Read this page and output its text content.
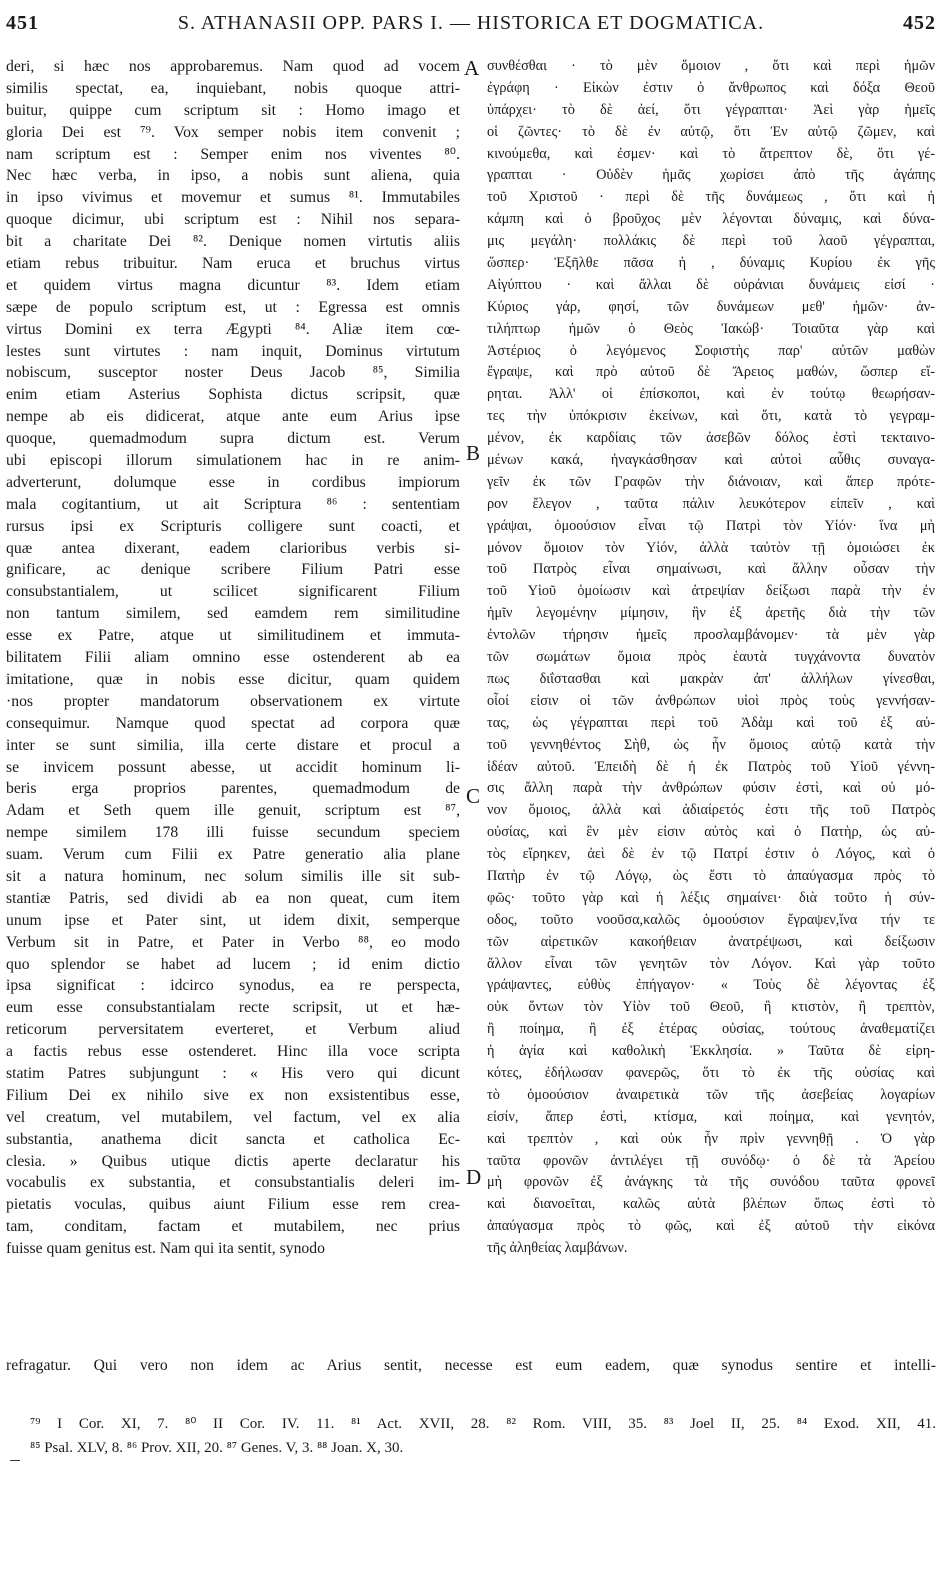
451	S. ATHANASII OPP. PARS I. — HISTORICA ET DOGMATICA.	452
deri, si hæc nos approbaremus. Nam quod ad vocem
similis spectat, ea, inquiebant, nobis quoque attri-
buitur, quippe cum scriptum sit : Homo imago et
gloria Dei est ⁷⁹. Vox semper nobis item convenit ;
nam scriptum est : Semper enim nos viventes ⁸⁰.
Nec hæc verba, in ipso, a nobis sunt aliena, quia
in ipso vivimus et movemur et sumus ⁸¹. Immutabiles
quoque dicimur, ubi scriptum est : Nihil nos separa-
bit a charitate Dei ⁸². Denique nomen virtutis aliis
etiam rebus tribuitur. Nam eruca et bruchus virtus
et quidem virtus magna dicuntur ⁸³. Idem etiam
sæpe de populo scriptum est, ut : Egressa est omnis
virtus Domini ex terra Ægypti ⁸⁴. Aliæ item cœ-
lestes sunt virtutes : nam inquit, Dominus virtutum
nobiscum, susceptor noster Deus Jacob ⁸⁵, Similia
enim etiam Asterius Sophista dictus scripsit, quæ
nempe ab eis didicerat, atque ante eum Arius ipse
quoque, quemadmodum supra dictum est. Verum
ubi episcopi illorum simulationem hac in re anim-
adverterunt, dolumque esse in cordibus impiorum
mala cogitantium, ut ait Scriptura ⁸⁶ : sententiam
rursus ipsi ex Scripturis colligere sunt coacti, et
quæ antea dixerant, eadem clarioribus verbis si-
gnificare, ac denique scribere Filium Patri esse
consubstantialem, ut scilicet significarent Filium
non tantum similem, sed eamdem rem similitudine
esse ex Patre, atque ut similitudinem et immuta-
bilitatem Filii aliam omnino esse ostenderent ab ea
imitatione, quæ in nobis esse dicitur, quam quidem
·nos propter mandatorum observationem ex virtute
consequimur. Namque quod spectat ad corpora quæ
inter se sunt similia, illa certe distare et procul a
se invicem possunt abesse, ut accidit hominum li-
beris erga proprios parentes, quemadmodum de
Adam et Seth quem ille genuit, scriptum est ⁸⁷,
nempe similem 178 illi fuisse secundum speciem
suam. Verum cum Filii ex Patre generatio alia plane
sit a natura hominum, nec solum similis ille sit sub-
stantiæ Patris, sed dividi ab ea non queat, cum item
unum ipse et Pater sint, ut idem dixit, semperque
Verbum sit in Patre, et Pater in Verbo ⁸⁸, eo modo
quo splendor se habet ad lucem ; id enim dictio
ipsa significat : idcirco synodus, ea re perspecta,
eum esse consubstantialam recte scripsit, ut et hæ-
reticorum perversitatem everteret, et Verbum aliud
a factis rebus esse ostenderet. Hinc illa voce scripta
statim Patres subjungunt : « His vero qui dicunt
Filium Dei ex nihilo sive ex non exsistentibus esse,
vel creatum, vel mutabilem, vel factum, vel ex alia
substantia, anathema dicit sancta et catholica Ec-
clesia. » Quibus utique dictis aperte declaratur his
vocabulis ex substantia, et consubstantialis deleri im-
pietatis voculas, quibus aiunt Filium esse rem crea-
tam, conditam, factam et mutabilem, nec prius
fuisse quam genitus est. Nam qui ita sentit, synodo
A
B
C
D
συνθέσθαι · τὸ μὲν ὅμοιον , ὅτι καὶ περὶ ἡμῶν
ἐγράφη · Εἰκὼν ἐστιν ὁ ἄνθρωπος καὶ δόξα Θεοῦ
ὑπάρχει· τὸ δὲ ἀεί, ὅτι γέγραπται· Ἀεὶ γὰρ ἡμεῖς
οἱ ζῶντες· τὸ δὲ ἐν αὐτῷ, ὅτι Ἐν αὐτῷ ζῶμεν, καὶ
κινούμεθα, καὶ ἐσμεν· καὶ τὸ ἄτρεπτον δὲ, ὅτι γέ-
γραπται · Οὐδὲν ἡμᾶς χωρίσει ἀπὸ τῆς ἀγάπης
τοῦ Χριστοῦ · περὶ δὲ τῆς δυνάμεως , ὅτι καὶ ἡ
κάμπη καὶ ὁ βροῦχος μὲν λέγονται δύναμις, καὶ δύνα-
μις μεγάλη· πολλάκις δὲ περὶ τοῦ λαοῦ γέγραπται,
ὥσπερ· Ἐξῆλθε πᾶσα ἡ , δύναμις Κυρίου ἐκ γῆς
Αἰγύπτου · καὶ ἄλλαι δὲ οὐράνιαι δυνάμεις εἰσί ·
Κύριος γάρ, φησί, τῶν δυνάμεων μεθ' ἡμῶν· ἀν-
τιλήπτωρ ἡμῶν ὁ Θεὸς Ἰακώβ· Τοιαῦτα γὰρ καὶ
Ἀστέριος ὁ λεγόμενος Σοφιστὴς παρ' αὐτῶν μαθὼν
ἔγραψε, καὶ πρὸ αὐτοῦ δὲ Ἄρειος μαθών, ὥσπερ εἴ-
ρηται. Ἀλλ' οἱ ἐπίσκοποι, καὶ ἐν τούτῳ θεωρήσαν-
τες τὴν ὑπόκρισιν ἐκείνων, καὶ ὅτι, κατὰ τὸ γεγραμ-
μένον, ἐκ καρδίαις τῶν ἀσεβῶν δόλος ἐστὶ τεκταινο-
μένων κακά, ἠναγκάσθησαν καὶ αὐτοὶ αὖθις συναγα-
γεῖν ἐκ τῶν Γραφῶν τὴν διάνοιαν, καὶ ἅπερ πρότε-
ρον ἔλεγον , ταῦτα πάλιν λευκότερον εἰπεῖν , καὶ
γράψαι, ὁμοούσιον εἶναι τῷ Πατρὶ τὸν Υἱόν· ἵνα μὴ
μόνον ὅμοιον τὸν Υἱόν, ἀλλὰ ταὐτὸν τῇ ὁμοιώσει ἐκ
τοῦ Πατρὸς εἶναι σημαίνωσι, καὶ ἄλλην οὖσαν τὴν
τοῦ Υἱοῦ ὁμοίωσιν καὶ ἀτρεψίαν δείξωσι παρὰ τὴν ἐν
ἡμῖν λεγομένην μίμησιν, ἣν ἐξ ἀρετῆς διὰ τὴν τῶν
ἐντολῶν τήρησιν ἡμεῖς προσλαμβάνομεν· τὰ μὲν γὰρ
τῶν σωμάτων ὅμοια πρὸς ἑαυτὰ τυγχάνοντα δυνατὸν
πως διΐστασθαι καὶ μακρὰν ἀπ' ἀλλήλων γίνεσθαι,
οἷοί εἰσιν οἱ τῶν ἀνθρώπων υἱοὶ πρὸς τοὺς γεννήσαν-
τας, ὡς γέγραπται περὶ τοῦ Ἀδὰμ καὶ τοῦ ἐξ αὐ-
τοῦ γεννηθέντος Σὴθ, ὡς ἦν ὅμοιος αὐτῷ κατὰ τὴν
ἰδέαν αὐτοῦ. Ἐπειδὴ δὲ ἡ ἐκ Πατρὸς τοῦ Υἱοῦ γέννη-
σις ἄλλη παρὰ τὴν ἀνθρώπων φύσιν ἐστὶ, καὶ οὐ μό-
νον ὅμοιος, ἀλλὰ καὶ ἀδιαίρετός ἐστι τῆς τοῦ Πατρὸς
οὐσίας, καὶ ἓν μὲν εἰσιν αὐτὸς καὶ ὁ Πατὴρ, ὡς αὐ-
τὸς εἴρηκεν, ἀεὶ δὲ ἐν τῷ Πατρί ἐστιν ὁ Λόγος, καὶ ὁ
Πατὴρ ἐν τῷ Λόγῳ, ὡς ἔστι τὸ ἀπαύγασμα πρὸς τὸ
φῶς· τοῦτο γὰρ καὶ ἡ λέξις σημαίνει· διὰ τοῦτο ἡ σύν-
οδος, τοῦτο νοοῦσα,καλῶς ὁμοούσιον ἔγραψεν,ἵνα τήν τε
τῶν αἱρετικῶν κακοήθειαν ἀνατρέψωσι, καὶ δείξωσιν
ἄλλον εἶναι τῶν γενητῶν τὸν Λόγον. Καὶ γὰρ τοῦτο
γράψαντες, εὐθὺς ἐπήγαγον· « Τοὺς δὲ λέγοντας ἐξ
οὐκ ὄντων τὸν Υἱὸν τοῦ Θεοῦ, ἢ κτιστὸν, ἢ τρεπτὸν,
ἢ ποίημα, ἢ ἐξ ἑτέρας οὐσίας, τούτους ἀναθεματίζει
ἡ ἁγία καὶ καθολικὴ Ἐκκλησία. » Ταῦτα δὲ εἰρη-
κότες, ἐδήλωσαν φανερῶς, ὅτι τὸ ἐκ τῆς οὐσίας καὶ
τὸ ὁμοούσιον ἀναιρετικὰ τῶν τῆς ἀσεβείας λογαρίων
εἰσίν, ἅπερ ἐστὶ, κτίσμα, καὶ ποίημα, καὶ γενητόν,
καὶ τρεπτὸν , καὶ οὐκ ἦν πρὶν γεννηθῇ . Ὁ γὰρ
ταῦτα φρονῶν ἀντιλέγει τῇ συνόδῳ· ὁ δὲ τὰ Ἀρείου
μὴ φρονῶν ἐξ ἀνάγκης τὰ τῆς συνόδου ταῦτα φρονεῖ
καὶ διανοεῖται, καλῶς αὐτὰ βλέπων ὅπως ἐστὶ τὸ
ἀπαύγασμα πρὸς τὸ φῶς, καὶ ἐξ αὐτοῦ τὴν εἰκόνα
τῆς ἀληθείας λαμβάνων.
refragatur. Qui vero non idem ac Arius sentit, necesse est eum eadem, quæ synodus sentire et intelli-
⁷⁹ I Cor. XI, 7. ⁸⁰ II Cor. IV. 11. ⁸¹ Act. XVII, 28. ⁸² Rom. VIII, 35. ⁸³ Joel II, 25. ⁸⁴ Exod. XII, 41.
⁸⁵ Psal. XLV, 8. ⁸⁶ Prov. XII, 20. ⁸⁷ Genes. V, 3. ⁸⁸ Joan. X, 30.
